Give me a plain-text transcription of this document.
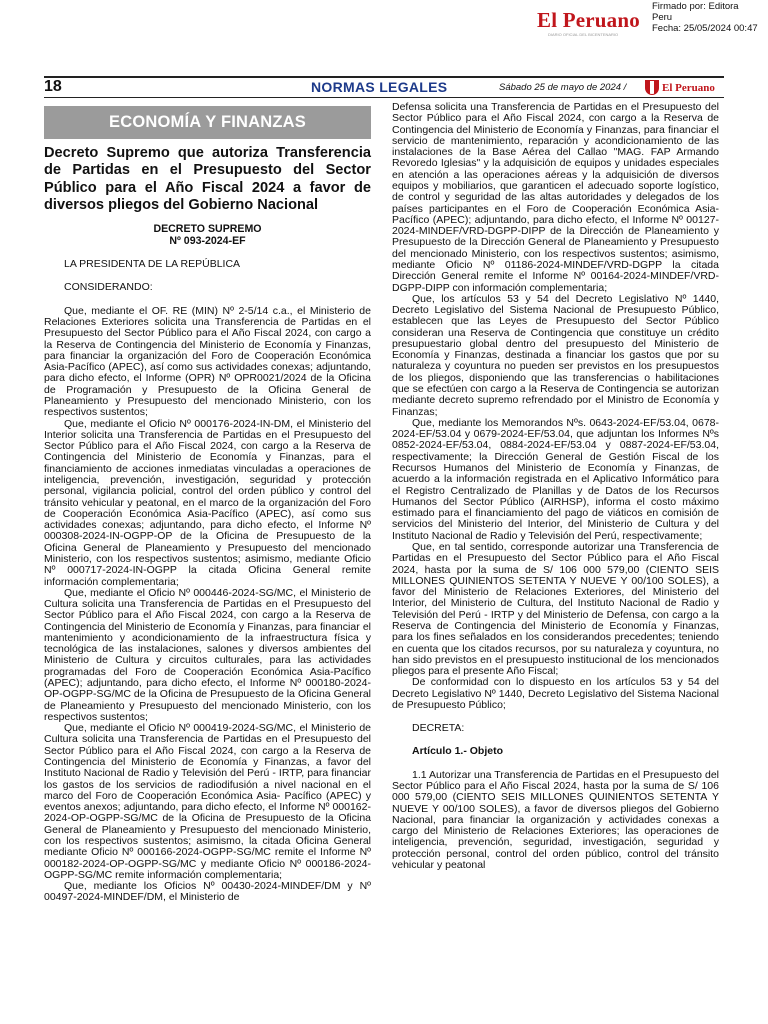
El Peruano
DIARIO OFICIAL DEL BICENTENARIO
Firmado por: Editora
Peru
Fecha: 25/05/2024 00:47
18	NORMAS LEGALES	Sábado 25 de mayo de 2024 /	El Peruano
ECONOMÍA Y FINANZAS
Decreto Supremo que autoriza Transferencia de Partidas en el Presupuesto del Sector Público para el Año Fiscal 2024 a favor de diversos pliegos del Gobierno Nacional
DECRETO SUPREMO
Nº 093-2024-EF

LA PRESIDENTA DE LA REPÚBLICA

CONSIDERANDO:

Que, mediante el OF. RE (MIN) Nº 2-5/14 c.a., el Ministerio de Relaciones Exteriores solicita una Transferencia de Partidas en el Presupuesto del Sector Público para el Año Fiscal 2024, con cargo a la Reserva de Contingencia del Ministerio de Economía y Finanzas, para financiar la organización del Foro de Cooperación Económica Asia-Pacífico (APEC), así como sus actividades conexas; adjuntando, para dicho efecto, el Informe (OPR) Nº OPR0021/2024 de la Oficina de Programación y Presupuesto de la Oficina General de Planeamiento y Presupuesto del mencionado Ministerio, con los respectivos sustentos;

Que, mediante el Oficio Nº 000176-2024-IN-DM, el Ministerio del Interior solicita una Transferencia de Partidas en el Presupuesto del Sector Público para el Año Fiscal 2024, con cargo a la Reserva de Contingencia del Ministerio de Economía y Finanzas, para el financiamiento de acciones inmediatas vinculadas a operaciones de inteligencia, prevención, investigación, seguridad y protección personal, vigilancia policial, control del orden público y control del tránsito vehicular y peatonal, en el marco de la organización del Foro de Cooperación Económica Asia-Pacífico (APEC), así como sus actividades conexas; adjuntando, para dicho efecto, el Informe Nº 000308-2024-IN-OGPP-OP de la Oficina de Presupuesto de la Oficina General de Planeamiento y Presupuesto del mencionado Ministerio, con los respectivos sustentos; asimismo, mediante Oficio Nº 000717-2024-IN-OGPP la citada Oficina General remite información complementaria;

Que, mediante el Oficio Nº 000446-2024-SG/MC, el Ministerio de Cultura solicita una Transferencia de Partidas en el Presupuesto del Sector Público para el Año Fiscal 2024, con cargo a la Reserva de Contingencia del Ministerio de Economía y Finanzas, para financiar el mantenimiento y acondicionamiento de la infraestructura física y tecnológica de las instalaciones, salones y diversos ambientes del Ministerio de Cultura y circuitos culturales, para las actividades programadas del Foro de Cooperación Económica Asia-Pacífico (APEC); adjuntando, para dicho efecto, el Informe Nº 000180-2024-OP-OGPP-SG/MC de la Oficina de Presupuesto de la Oficina General de Planeamiento y Presupuesto del mencionado Ministerio, con los respectivos sustentos;

Que, mediante el Oficio Nº 000419-2024-SG/MC, el Ministerio de Cultura solicita una Transferencia de Partidas en el Presupuesto del Sector Público para el Año Fiscal 2024, con cargo a la Reserva de Contingencia del Ministerio de Economía y Finanzas, a favor del Instituto Nacional de Radio y Televisión del Perú - IRTP, para financiar los gastos de los servicios de radiodifusión a nivel nacional en el marco del Foro de Cooperación Económica Asia- Pacífico (APEC) y eventos anexos; adjuntando, para dicho efecto, el Informe Nº 000162-2024-OP-OGPP-SG/MC de la Oficina de Presupuesto de la Oficina General de Planeamiento y Presupuesto del mencionado Ministerio, con los respectivos sustentos; asimismo, la citada Oficina General mediante Oficio Nº 000166-2024-OGPP-SG/MC remite el Informe Nº 000182-2024-OP-OGPP-SG/MC y mediante Oficio Nº 000186-2024-OGPP-SG/MC remite información complementaria;

Que, mediante los Oficios Nº 00430-2024-MINDEF/DM y Nº 00497-2024-MINDEF/DM, el Ministerio de

Defensa solicita una Transferencia de Partidas en el Presupuesto del Sector Público para el Año Fiscal 2024, con cargo a la Reserva de Contingencia del Ministerio de Economía y Finanzas, para financiar el servicio de mantenimiento, reparación y acondicionamiento de las instalaciones de la Base Aérea del Callao "MAG. FAP Armando Revoredo Iglesias" y la adquisición de equipos y unidades especiales en atención a las operaciones aéreas y la adquisición de diversos equipos y mobiliarios, que garanticen el adecuado soporte logístico, de control y seguridad de las altas autoridades y delegados de los países participantes en el Foro de Cooperación Económica Asia-Pacífico (APEC); adjuntando, para dicho efecto, el Informe Nº 00127-2024-MINDEF/VRD-DGPP-DIPP de la Dirección de Planeamiento y Presupuesto de la Dirección General de Planeamiento y Presupuesto del mencionado Ministerio, con los respectivos sustentos; asimismo, mediante Oficio Nº 01186-2024-MINDEF/VRD-DGPP la citada Dirección General remite el Informe Nº 00164-2024-MINDEF/VRD-DGPP-DIPP con información complementaria;

Que, los artículos 53 y 54 del Decreto Legislativo Nº 1440, Decreto Legislativo del Sistema Nacional de Presupuesto Público, establecen que las Leyes de Presupuesto del Sector Público consideran una Reserva de Contingencia que constituye un crédito presupuestario global dentro del presupuesto del Ministerio de Economía y Finanzas, destinada a financiar los gastos que por su naturaleza y coyuntura no pueden ser previstos en los presupuestos de los pliegos, disponiendo que las transferencias o habilitaciones que se efectúen con cargo a la Reserva de Contingencia se autorizan mediante decreto supremo refrendado por el Ministro de Economía y Finanzas;

Que, mediante los Memorandos Nºs. 0643-2024-EF/53.04, 0678-2024-EF/53.04 y 0679-2024-EF/53.04, que adjuntan los Informes Nºs 0852-2024-EF/53.04, 0884-2024-EF/53.04 y 0887-2024-EF/53.04, respectivamente; la Dirección General de Gestión Fiscal de los Recursos Humanos del Ministerio de Economía y Finanzas, de acuerdo a la información registrada en el Aplicativo Informático para el Registro Centralizado de Planillas y de Datos de los Recursos Humanos del Sector Público (AIRHSP), informa el costo máximo estimado para el financiamiento del pago de viáticos en comisión de servicios del Ministerio del Interior, del Ministerio de Cultura y del Instituto Nacional de Radio y Televisión del Perú, respectivamente;

Que, en tal sentido, corresponde autorizar una Transferencia de Partidas en el Presupuesto del Sector Público para el Año Fiscal 2024, hasta por la suma de S/ 106 000 579,00 (CIENTO SEIS MILLONES QUINIENTOS SETENTA Y NUEVE Y 00/100 SOLES), a favor del Ministerio de Relaciones Exteriores, del Ministerio del Interior, del Ministerio de Cultura, del Instituto Nacional de Radio y Televisión del Perú - IRTP y del Ministerio de Defensa, con cargo a la Reserva de Contingencia del Ministerio de Economía y Finanzas, para los fines señalados en los considerandos precedentes; teniendo en cuenta que los citados recursos, por su naturaleza y coyuntura, no han sido previstos en el presupuesto institucional de los mencionados pliegos para el presente Año Fiscal;

De conformidad con lo dispuesto en los artículos 53 y 54 del Decreto Legislativo Nº 1440, Decreto Legislativo del Sistema Nacional de Presupuesto Público;

DECRETA:

Artículo 1.- Objeto

1.1 Autorizar una Transferencia de Partidas en el Presupuesto del Sector Público para el Año Fiscal 2024, hasta por la suma de S/ 106 000 579,00 (CIENTO SEIS MILLONES QUINIENTOS SETENTA Y NUEVE Y 00/100 SOLES), a favor de diversos pliegos del Gobierno Nacional, para financiar la organización y actividades conexas a cargo del Ministerio de Relaciones Exteriores; las operaciones de inteligencia, prevención, seguridad, investigación, seguridad y protección personal, control del orden público, control del tránsito vehicular y peatonal
